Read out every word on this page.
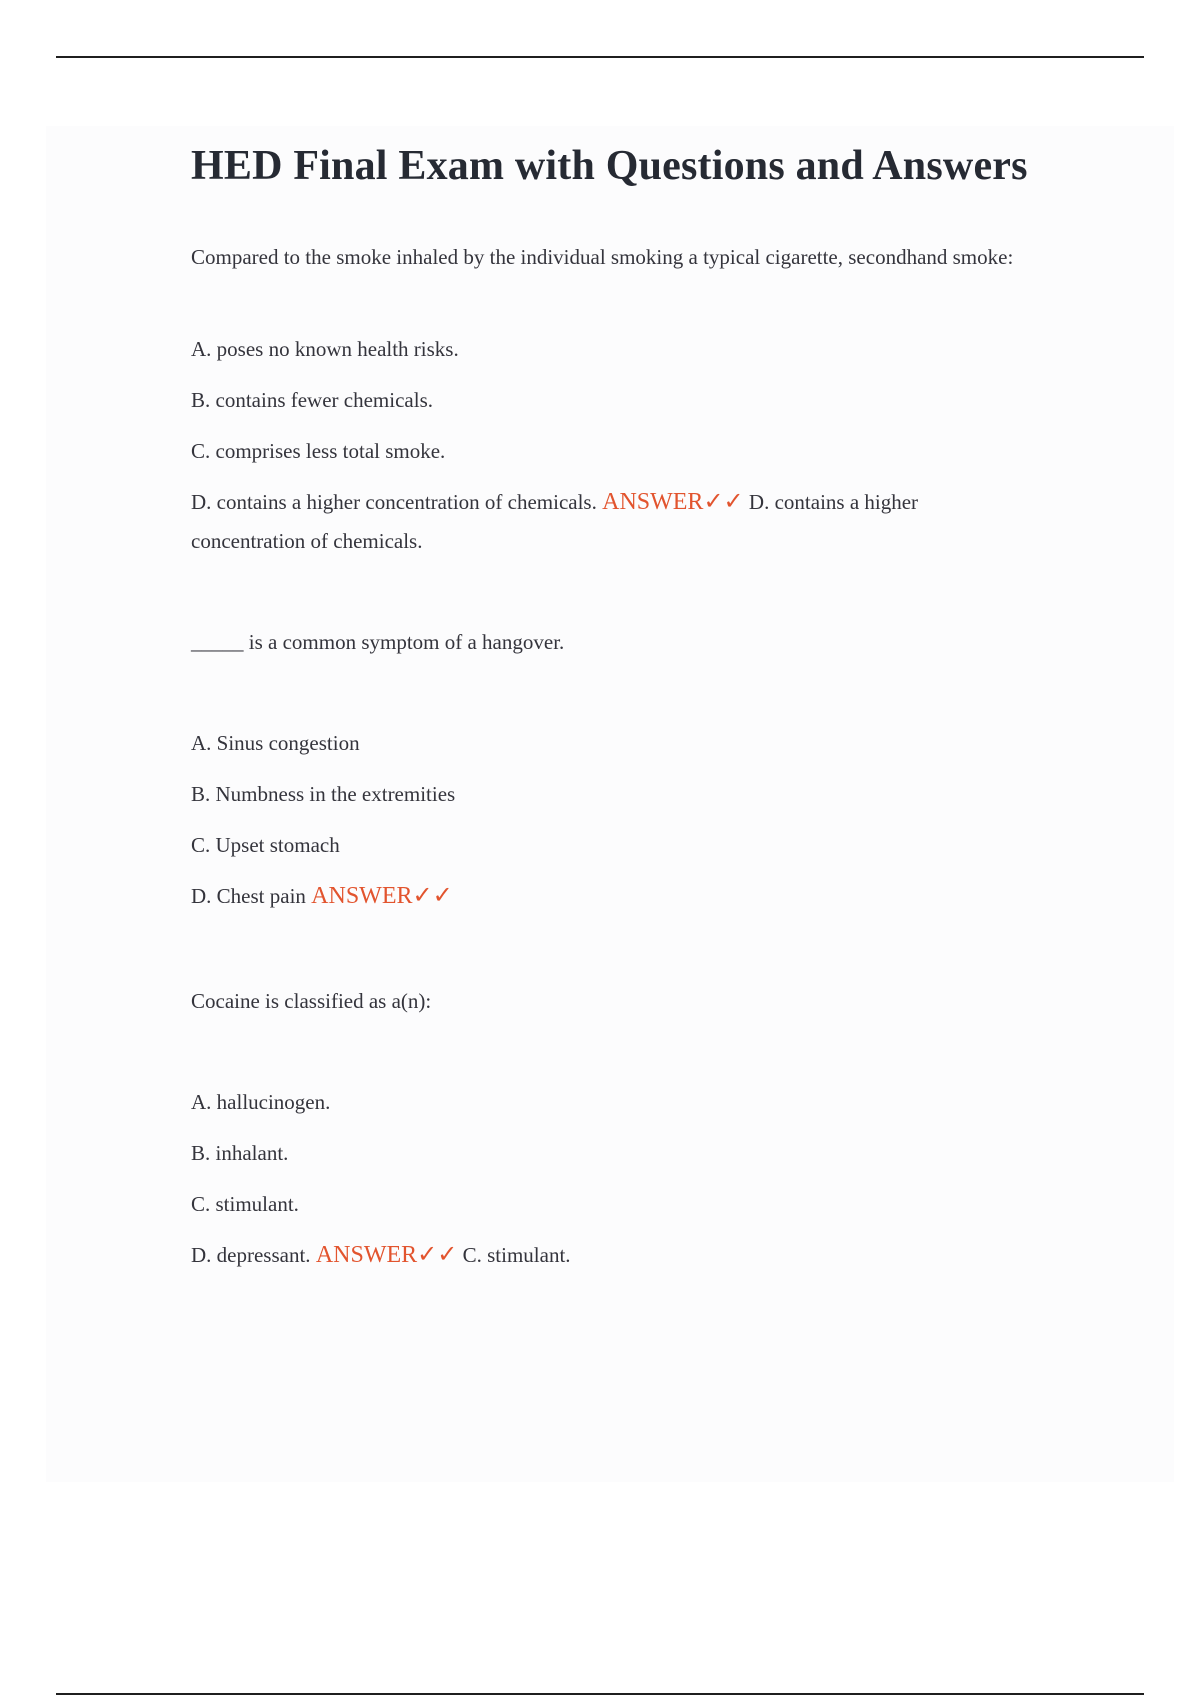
HED Final Exam with Questions and Answers

Compared to the smoke inhaled by the individual smoking a typical cigarette, secondhand smoke:

A. poses no known health risks.

B. contains fewer chemicals.

C. comprises less total smoke.

D. contains a higher concentration of chemicals. ANSWER✓✓ D. contains a higher concentration of chemicals.

_____ is a common symptom of a hangover.

A. Sinus congestion

B. Numbness in the extremities

C. Upset stomach

D. Chest pain ANSWER✓✓

Cocaine is classified as a(n):

A. hallucinogen.

B. inhalant.

C. stimulant.

D. depressant. ANSWER✓✓ C. stimulant.
